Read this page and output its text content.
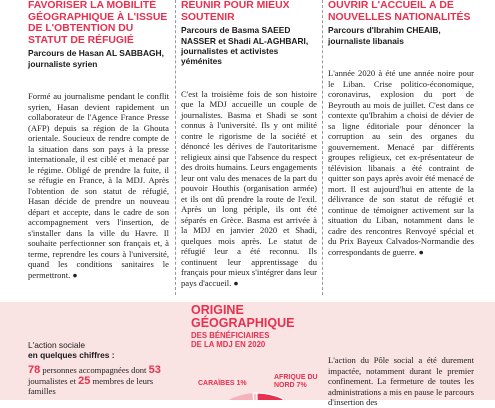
FAVORISER LA MOBILITÉ GÉOGRAPHIQUE À L'ISSUE DE L'OBTENTION DU STATUT DE RÉFUGIÉ

Parcours de Hasan AL SABBAGH, journaliste syrien

Formé au journalisme pendant le conflit syrien, Hasan devient rapidement un collaborateur de l'Agence France Presse (AFP) depuis sa région de la Ghouta orientale. Soucieux de rendre compte de la situation dans son pays à la presse internationale, il est ciblé et menacé par le régime. Obligé de prendre la fuite, il se réfugie en France, à la MDJ. Après l'obtention de son statut de réfugié, Hasan décide de prendre un nouveau départ et accepte, dans le cadre de son accompagnement vers l'insertion, de s'installer dans la ville du Havre. Il souhaite perfectionner son français et, à terme, reprendre les cours à l'université, quand les conditions sanitaires le permettront. ●

RÉUNIR POUR MIEUX SOUTENIR

Parcours de Basma SAEED NASSER et Shadi AL-AGHBARI, journalistes et activistes yéménites

C'est la troisième fois de son histoire que la MDJ accueille un couple de journalistes. Basma et Shadi se sont connus à l'université. Ils y ont milité contre le rigorisme de la société et dénoncé les dérives de l'autoritarisme religieux ainsi que l'absence du respect des droits humains. Leurs engagements leur ont valu des menaces de la part du pouvoir Houthis (organisation armée) et ils ont dû prendre la route de l'exil. Après un long périple, ils ont été séparés en Grèce. Basma est arrivée à la MDJ en janvier 2020 et Shadi, quelques mois après. Le statut de réfugié leur a été reconnu. Ils continuent leur apprentissage du français pour mieux s'intégrer dans leur pays d'accueil. ●

OUVRIR L'ACCUEIL À DE NOUVELLES NATIONALITÉS

Parcours d'Ibrahim CHEAIB, journaliste libanais

L'année 2020 à été une année noire pour le Liban. Crise politico-économique, coronavirus, explosion du port de Beyrouth au mois de juillet. C'est dans ce contexte qu'Ibrahim a choisi de dévier de sa ligne éditoriale pour dénoncer la corruption au sein des organes du gouvernement. Menacé par différents groupes religieux, cet ex-présentateur de télévision libanais a été contraint de quitter son pays après avoir été menacé de mort. Il est aujourd'hui en attente de la délivrance de son statut de réfugié et continue de témoigner activement sur la situation du Liban, notamment dans le cadre des rencontres Renvoyé spécial et du Prix Bayeux Calvados-Normandie des correspondants de guerre. ●

ORIGINE
GÉOGRAPHIQUE

DES BÉNÉFICIAIRES
DE LA MDJ EN 2020

L'action sociale
en quelques chiffres :

78 personnes accompagnées dont 53
journalistes et 25 membres de leurs
familles

CARAÏBES 1%
AFRIQUE DU NORD 7%

L'action du Pôle social a été durement impactée, notamment durant le premier confinement. La fermeture de toutes les administrations a mis en pause le parcours d'insertion des
